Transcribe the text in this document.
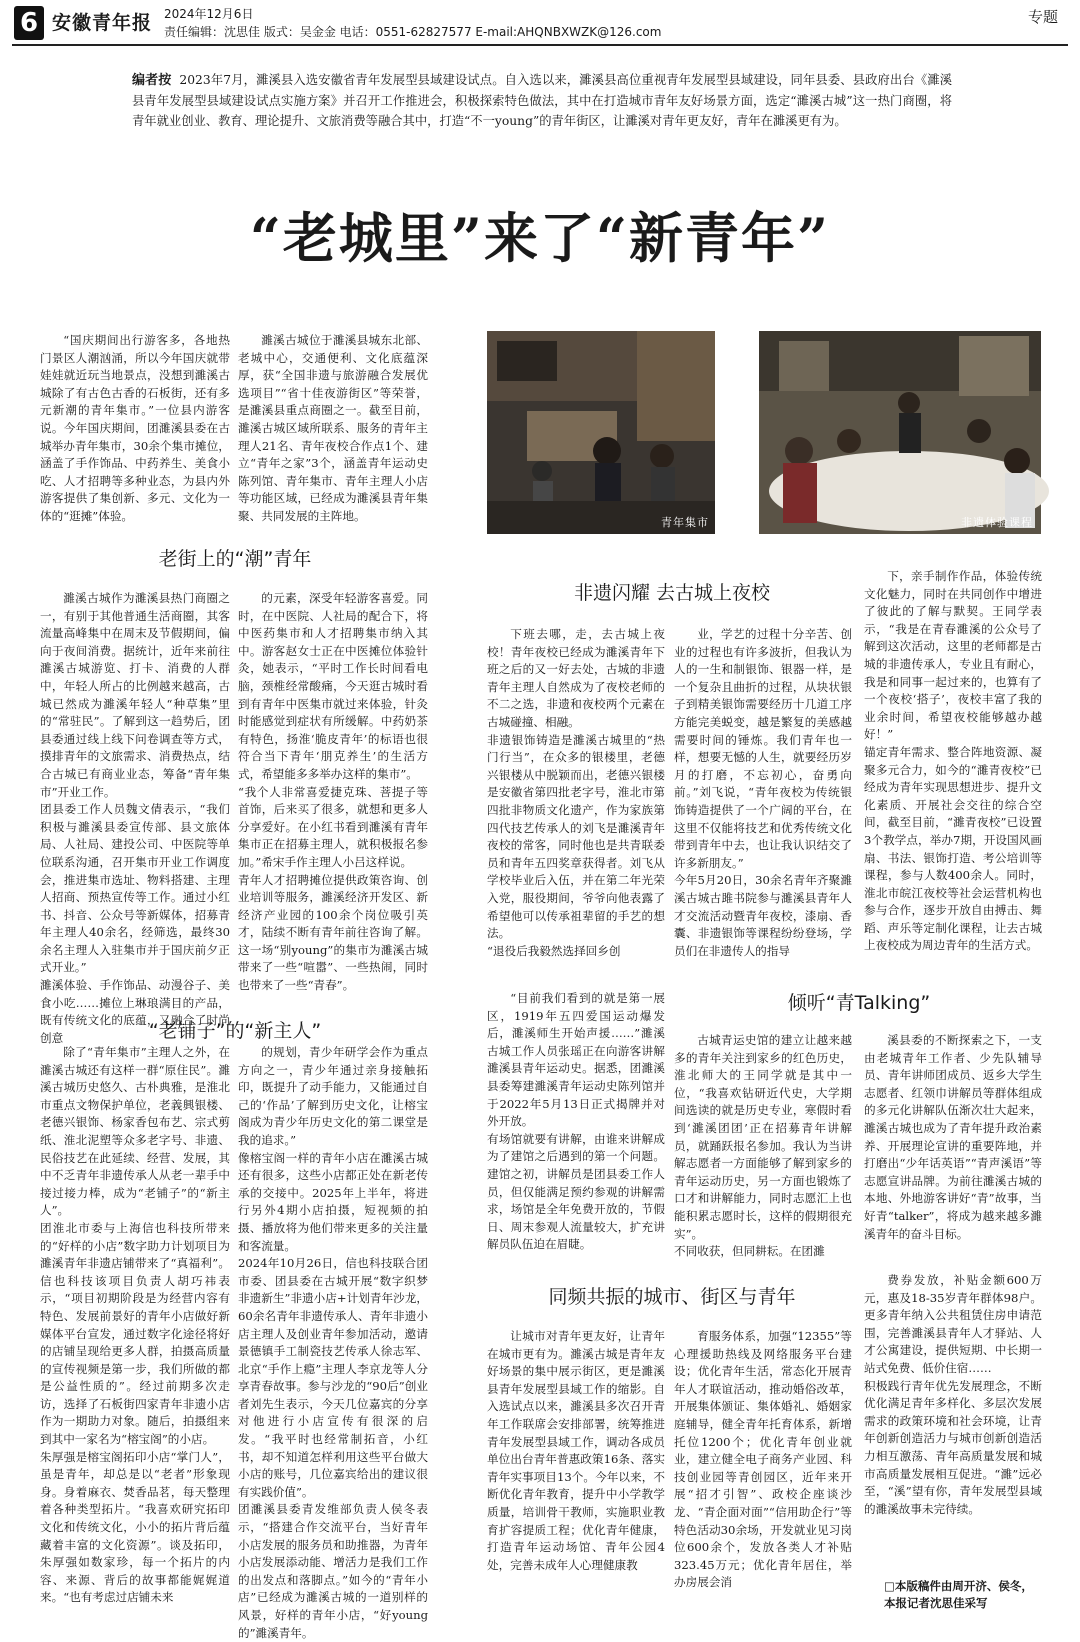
6 安徽青年报 2024年12月6日
责任编辑：沈思佳 版式：吴金金 电话：0551-62827577 E-mail:AHQNBXWZK@126.com
专题
编者按 2023年7月，濉溪县入选安徽省青年发展型县域建设试点。自入选以来，濉溪县高位重视青年发展型县域建设，同年县委、县政府出台《濉溪县青年发展型县域建设试点实施方案》并召开工作推进会，积极探索特色做法，其中在打造城市青年友好场景方面，选定“濉溪古城”这一热门商圈，将青年就业创业、教育、理论提升、文旅消费等融合其中，打造“不一young”的青年街区，让濉溪对青年更友好，青年在濉溪更有为。
“老城里”来了“新青年”
“国庆期间出行游客多，各地热门景区人潮汹涌，所以今年国庆就带娃娃就近玩当地景点，没想到濉溪古城除了有古色古香的石板街，还有多元新潮的青年集市。”一位县内游客说。今年国庆期间，团濉溪县委在古城举办青年集市，30余个集市摊位，涵盖了手作饰品、中药养生、美食小吃、人才招聘等多种业态，为县内外游客提供了集创新、多元、文化为一体的“逛摊”体验。
濉溪古城位于濉溪县城东北部、老城中心，交通便利、文化底蕴深厚，获“全国非遗与旅游融合发展优选项目”“省十佳夜游街区”等荣誉，是濉溪县重点商圈之一。截至目前，濉溪古城区域所联系、服务的青年主理人21名、青年夜校合作点1个、建立“青年之家”3个，涵盖青年运动史陈列馆、青年集市、青年主理人小店等功能区域，已经成为濉溪县青年集聚、共同发展的主阵地。	青年集市	非遗体验课程
老街上的“潮”青年
濉溪古城作为濉溪县热门商圈之一，有别于其他普通生活商圈，其客流量高峰集中在周末及节假期间，偏向于夜间消费。据统计，近年来前往濉溪古城游览、打卡、消费的人群中，年轻人所占的比例越来越高，古城已然成为濉溪年轻人“种草集”里的“常驻民”。了解到这一趋势后，团县委通过线上线下问卷调查等方式，摸排青年的文旅需求、消费热点，结合古城已有商业业态，筹备“青年集市”开业工作。
团县委工作人员魏文倩表示，“我们积极与濉溪县委宣传部、县文旅体局、人社局、建投公司、中医院等单位联系沟通，召开集市开业工作调度会，推进集市选址、物料搭建、主理人招商、预热宣传等工作。通过小红书、抖音、公众号等新媒体，招募青年主理人40余名，经筛选，最终30余名主理人入驻集市并于国庆前夕正式开业。”
濉溪体验、手作饰品、动漫谷子、美食小吃……摊位上琳琅满目的产品，既有传统文化的底蕴，又融合了时尚创意
的元素，深受年轻游客喜爱。同时，在中医院、人社局的配合下，将中医药集市和人才招聘集市纳入其中。游客赵女士正在中医摊位体验针灸，她表示，“平时工作长时间看电脑，颈椎经常酸痛，今天逛古城时看到有青年中医集市就过来体验，针灸时能感觉到症状有所缓解。中药奶茶有特色，扬淮‘脆皮青年’的标语也很符合当下青年‘朋克养生’的生活方式，希望能多多举办这样的集市”。
“我个人非常喜爱捷克珠、菩提子等首饰，后来买了很多，就想和更多人分享爱好。在小红书看到濉溪有青年集市正在招募主理人，就积极报名参加。”希宋手作主理人小吕这样说。
青年人才招聘摊位提供政策咨询、创业培训等服务，濉溪经济开发区、新经济产业园的100余个岗位吸引英才，陆续不断有青年前往咨询了解。这一场“别young”的集市为濉溪古城带来了一些“喧嚣”、一些热闹，同时也带来了一些“青春”。
非遗闪耀 去古城上夜校
下班去哪，走，去古城上夜校！青年夜校已经成为濉溪青年下班之后的又一好去处，古城的非遗青年主理人自然成为了夜校老师的不二之选，非遗和夜校两个元素在古城碰撞、相融。
非遗银饰铸造是濉溪古城里的“热门行当”，在众多的银楼里，老德兴银楼从中脱颖而出，老德兴银楼是安徽省第四批老字号，淮北市第四批非物质文化遗产，作为家族第四代技艺传承人的刘飞是濉溪青年夜校的常客，同时他也是共青联委员和青年五四奖章获得者。刘飞从学校毕业后入伍，并在第二年光荣入党，服役期间，爷爷向他表露了希望他可以传承祖辈留的手艺的想法。
“退役后我毅然选择回乡创
业，学艺的过程十分辛苦、创业的过程也有许多波折，但我认为人的一生和制银饰、银器一样，是一个复杂且曲折的过程，从块状银子到精美银饰需要经历十几道工序方能完美蜕变，越是繁复的美感越需要时间的锤炼。我们青年也一样，想要无憾的人生，就要经历岁月的打磨，不忘初心，奋勇向前。”刘飞说，“青年夜校为传统银饰铸造提供了一个广阔的平台，在这里不仅能将技艺和优秀传统文化带到青年中去，也让我认识结交了许多新朋友。”
今年5月20日，30余名青年齐聚濉溪古城古雎书院参与濉溪县青年人才交流活动暨青年夜校，漆扇、香囊、非遗银饰等课程纷纷登场，学员们在非遗传人的指导
下，亲手制作作品，体验传统文化魅力，同时在共同创作中增进了彼此的了解与默契。王同学表示，“我是在青春濉溪的公众号了解到这次活动，这里的老师都是古城的非遗传承人，专业且有耐心，我是和同事一起过来的，也算有了一个夜校‘搭子’，夜校丰富了我的业余时间，希望夜校能够越办越好！”
锚定青年需求、整合阵地资源、凝聚多元合力，如今的“濉青夜校”已经成为青年实现思想进步、提升文化素质、开展社会交往的综合空间，截至目前，“濉青夜校”已设置3个教学点，举办7期，开设国风画扇、书法、银饰打造、考公培训等课程，参与人数400余人。同时，淮北市皖江夜校等社会运营机构也参与合作，逐步开放自由搏击、舞蹈、声乐等定制化课程，让去古城上夜校成为周边青年的生活方式。
“老铺子”的“新主人”
除了“青年集市”主理人之外，在濉溪古城还有这样一群“原住民”。濉溪古城历史悠久、古朴典雅，是淮北市重点文物保护单位，老義興银楼、老德兴银饰、杨家香包布艺、宗式剪纸、淮北泥塑等众多老字号、非遗、民俗技艺在此延续、经营、发展，其中不乏青年非遗传承人从老一辈手中接过接力棒，成为“老铺子”的“新主人”。
团淮北市委与上海信也科技所带来的“好样的小店”数字助力计划项目为濉溪青年非遗店铺带来了“真福利”。信也科技该项目负责人胡巧祎表示，“项目初期阶段是为经营内容有特色、发展前景好的青年小店做好新媒体平台宣发，通过数字化途径将好的店铺呈现给更多人群，拍摄高质量的宣传视频是第一步，我们所做的都是公益性质的”。经过前期多次走访，选择了石板街四家青年非遗小店作为一期助力对象。随后，拍摄组来到其中一家名为“榕宝阁”的小店。
朱厚强是榕宝阁拓印小店“掌门人”，虽是青年，却总是以“老者”形象现身。身着麻衣、焚香品茗，每天整理着各种类型拓片。“我喜欢研究拓印文化和传统文化，小小的拓片背后蕴藏着丰富的文化资源”。谈及拓印，朱厚强如数家珍，每一个拓片的内容、来源、背后的故事都能娓娓道来。“也有考虑过店铺未来
的规划，青少年研学会作为重点方向之一，青少年通过亲身接触拓印，既提升了动手能力，又能通过自己的‘作品’了解到历史文化，让榕宝阁成为青少年历史文化的第二课堂是我的追求。”
像榕宝阁一样的青年小店在濉溪古城还有很多，这些小店都正处在新老传承的交接中。2025年上半年，将进行另外4期小店拍摄，短视频的拍摄、播放将为他们带来更多的关注量和客流量。
2024年10月26日，信也科技联合团市委、团县委在古城开展“数字织梦非遗新生”非遗小店+计划青年沙龙，60余名青年非遗传承人、青年非遗小店主理人及创业青年参加活动，邀请景德镇手工制瓷技艺传承人徐志军、北京“手作上瘾”主理人李京龙等人分享青春故事。参与沙龙的“90后”创业者刘先生表示，今天几位嘉宾的分享对他进行小店宣传有很深的启发。“我平时也经常制拓音，小红书，却不知道怎样利用这些平台做大小店的账号，几位嘉宾给出的建议很有实践价值”。
团濉溪县委青发维部负责人侯冬表示，“搭建合作交流平台，当好青年小店发展的服务员和助推器，为青年小店发展添动能、增活力是我们工作的出发点和落脚点。”如今的“青年小店”已经成为濉溪古城的一道别样的风景，好样的青年小店，“好young的”濉溪青年。
“目前我们看到的就是第一展区，1919年五四爱国运动爆发后，濉溪师生开始声援……”濉溪古城工作人员张瑶正在向游客讲解濉溪县青年运动史。据悉，团濉溪县委筹建濉溪青年运动史陈列馆并于2022年5月13日正式揭牌并对外开放。
有场馆就要有讲解，由谁来讲解成为了建馆之后遇到的第一个问题。建馆之初，讲解员是团县委工作人员，但仅能满足预约参观的讲解需求，场馆是全年免费开放的，节假日、周末参观人流量较大，扩充讲解员队伍迫在眉睫。
倾听“青Talking”
古城青运史馆的建立让越来越多的青年关注到家乡的红色历史，淮北师大的王同学就是其中一位，“我喜欢钻研近代史，大学期间选读的就是历史专业，寒假时看到‘濉溪团团’正在招募青年讲解员，就踊跃报名参加。我认为当讲解志愿者一方面能够了解到家乡的青年运动历史，另一方面也锻炼了口才和讲解能力，同时志愿汇上也能积累志愿时长，这样的假期很充实”。
不同收获，但同耕耘。在团濉
溪县委的不断探索之下，一支由老城青年工作者、少先队辅导员、青年讲师团成员、返乡大学生志愿者、红领巾讲解员等群体组成的多元化讲解队伍渐次壮大起来，濉溪古城也成为了青年提升政治素养、开展理论宣讲的重要阵地，并打磨出“少年话英语”“青声溪语”等志愿宣讲品牌。为前往濉溪古城的本地、外地游客讲好“青”故事，当好青“talker”，将成为越来越多濉溪青年的奋斗目标。
同频共振的城市、街区与青年
让城市对青年更友好，让青年在城市更有为。濉溪古城是青年友好场景的集中展示街区，更是濉溪县青年发展型县域工作的缩影。自入选试点以来，濉溪县多次召开青年工作联席会安排部署，统筹推进青年发展型县域工作，调动各成员单位出台青年普惠政策16条、落实青年实事项目13个。今年以来，不断优化青年教育，提升中小学教学质量，培训骨干教师，实施职业教育扩容提质工程；优化青年健康，打造青年运动场馆、青年公园4处，完善未成年人心理健康教
育服务体系，加强“12355”等心理援助热线及网络服务平台建设；优化青年生活，常态化开展青年人才联谊活动，推动婚俗改革，开展集体颁证、集体婚礼、婚姻家庭辅导，健全青年托育体系，新增托位1200个；优化青年创业就业，建立健全电子商务产业园、科技创业园等青创园区，近年来开展“招才引智”、政校企座谈沙龙、“青企面对面”“信用助企行”等特色活动30余场，开发就业见习岗位600余个，发放各类人才补贴323.45万元；优化青年居住，举办房展会消
费券发放，补贴金额600万元，惠及18-35岁青年群体98户。更多青年纳入公共租赁住房申请范围，完善濉溪县青年人才驿站、人才公寓建设，提供短期、中长期一站式免费、低价住宿……
积极践行青年优先发展理念，不断优化满足青年多样化、多层次发展需求的政策环境和社会环境，让青年创新创造活力与城市创新创造活力相互激荡、青年高质量发展和城市高质量发展相互促进。“濉”远必至，“溪”望有你，青年发展型县域的濉溪故事未完待续。
□本版稿件由周开济、侯冬，
本报记者沈思佳采写
